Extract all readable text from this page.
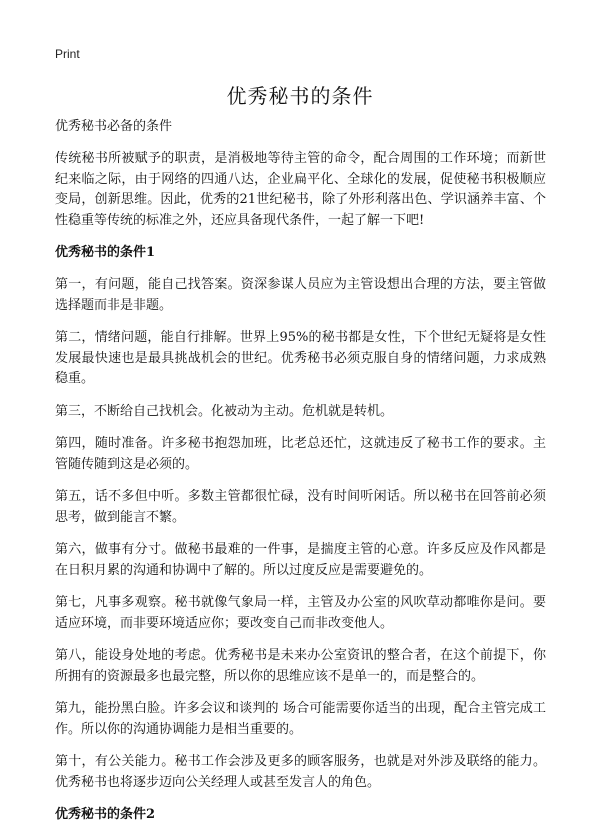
Print
优秀秘书的条件

优秀秘书必备的条件

传统秘书所被赋予的职责，是消极地等待主管的命令，配合周围的工作环境；而新世纪来临之际，由于网络的四通八达，企业扁平化、全球化的发展，促使秘书积极顺应变局，创新思维。因此，优秀的21世纪秘书，除了外形利落出色、学识涵养丰富、个性稳重等传统的标准之外，还应具备现代条件，一起了解一下吧!

优秀秘书的条件1

第一，有问题，能自己找答案。资深参谋人员应为主管设想出合理的方法，要主管做选择题而非是非题。

第二，情绪问题，能自行排解。世界上95%的秘书都是女性，下个世纪无疑将是女性发展最快速也是最具挑战机会的世纪。优秀秘书必须克服自身的情绪问题，力求成熟稳重。

第三，不断给自己找机会。化被动为主动。危机就是转机。

第四，随时准备。许多秘书抱怨加班，比老总还忙，这就违反了秘书工作的要求。主管随传随到这是必须的。

第五，话不多但中听。多数主管都很忙碌，没有时间听闲话。所以秘书在回答前必须思考，做到能言不繁。

第六，做事有分寸。做秘书最难的一件事，是揣度主管的心意。许多反应及作风都是在日积月累的沟通和协调中了解的。所以过度反应是需要避免的。

第七，凡事多观察。秘书就像气象局一样，主管及办公室的风吹草动都唯你是问。要适应环境，而非要环境适应你；要改变自己而非改变他人。

第八，能设身处地的考虑。优秀秘书是未来办公室资讯的整合者，在这个前提下，你所拥有的资源最多也最完整，所以你的思维应该不是单一的，而是整合的。

第九，能扮黑白脸。许多会议和谈判的 场合可能需要你适当的出现，配合主管完成工作。所以你的沟通协调能力是相当重要的。

第十，有公关能力。秘书工作会涉及更多的顾客服务，也就是对外涉及联络的能力。优秀秘书也将逐步迈向公关经理人或甚至发言人的角色。

优秀秘书的条件2
